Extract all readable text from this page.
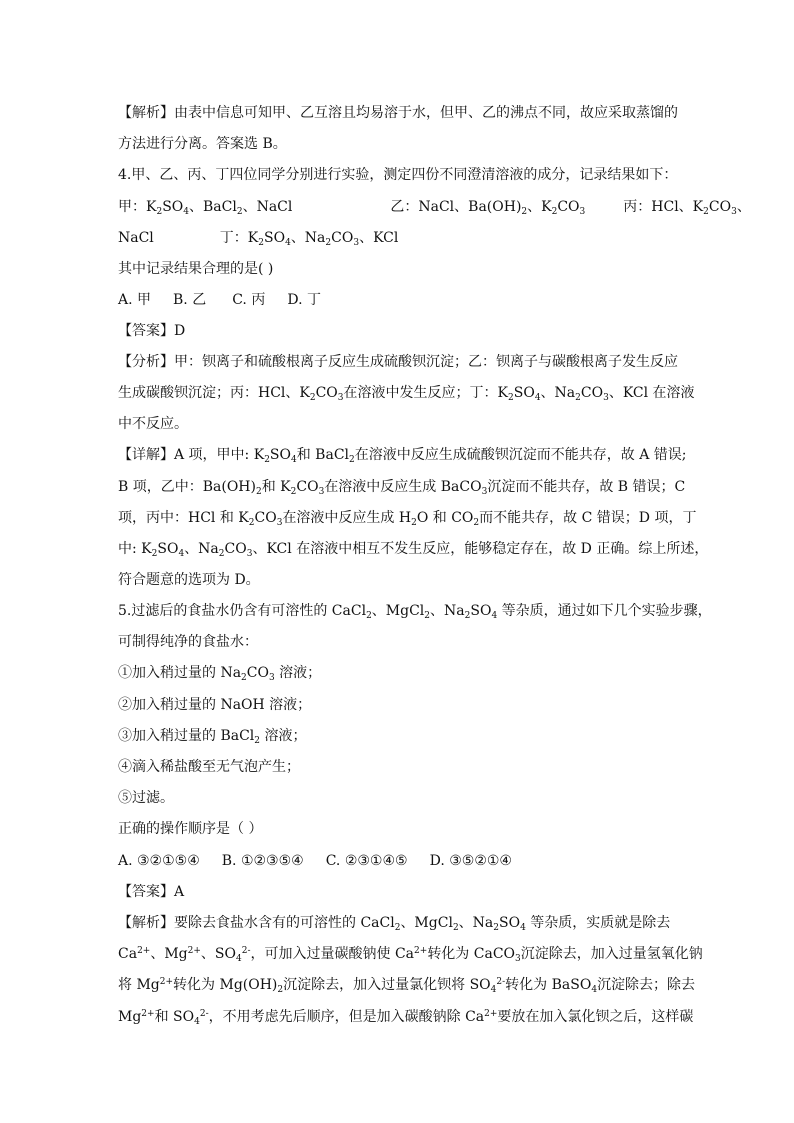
【解析】由表中信息可知甲、乙互溶且均易溶于水，但甲、乙的沸点不同，故应采取蒸馏的
方法进行分离。答案选 B。
4.甲、乙、丙、丁四位同学分别进行实验，测定四份不同澄清溶液的成分，记录结果如下：
甲：$K_2SO_4$、BaCl$_2$、NaCl	乙：NaCl、$Ba(OH)_2$、$K_2CO_3$	丙：HCl、$K_2CO_3$、
NaCl	丁：$K_2SO_4$、$Na_2CO_3$、KCl
其中记录结果合理的是( )
A. 甲 B. 乙 C. 丙 D. 丁
【答案】D
【分析】甲：钡离子和硫酸根离子反应生成硫酸钡沉淀；乙：钡离子与碳酸根离子发生反应
生成碳酸钡沉淀；丙：HCl、$K_2CO_3$在溶液中发生反应；丁：$K_2SO_4$、$Na_2CO_3$、KCl 在溶液
中不反应。
【详解】A 项，甲中: $K_2SO_4$和 BaCl$_2$在溶液中反应生成硫酸钡沉淀而不能共存，故 A 错误;
B 项，乙中：$Ba(OH)_2$和 $K_2CO_3$在溶液中反应生成 BaCO$_3$沉淀而不能共存，故 B 错误；C
项，丙中：HCl 和 $K_2CO_3$在溶液中反应生成 $H_2O$ 和 $CO_2$而不能共存，故 C 错误；D 项，丁
中: $K_2SO_4$、$Na_2CO_3$、KCl 在溶液中相互不发生反应，能够稳定存在，故 D 正确。综上所述，
符合题意的选项为 D。
5.过滤后的食盐水仍含有可溶性的 CaCl$_2$、MgCl$_2$、$Na_2SO_4$ 等杂质，通过如下几个实验步骤，
可制得纯净的食盐水：
①加入稍过量的 $Na_2CO_3$ 溶液；
②加入稍过量的 NaOH 溶液；
③加入稍过量的 BaCl$_2$ 溶液；
④滴入稀盐酸至无气泡产生；
⑤过滤。
正确的操作顺序是（ ）
A. ③②①⑤④ B. ①②③⑤④ C. ②③①④⑤ D. ③⑤②①④
【答案】A
【解析】要除去食盐水含有的可溶性的 CaCl$_2$、MgCl$_2$、$Na_2SO_4$ 等杂质，实质就是除去
$Ca^{2+}$、$Mg^{2+}$、$SO_4^{2-}$，可加入过量碳酸钠使 $Ca^{2+}$转化为 CaCO$_3$沉淀除去，加入过量氢氧化钠
将 $Mg^{2+}$转化为 $Mg(OH)_2$沉淀除去，加入过量氯化钡将 $SO_4^{2-}$转化为 BaSO$_4$沉淀除去；除去
$Mg^{2+}$和 $SO_4^{2-}$，不用考虑先后顺序，但是加入碳酸钠除 $Ca^{2+}$要放在加入氯化钡之后，这样碳
